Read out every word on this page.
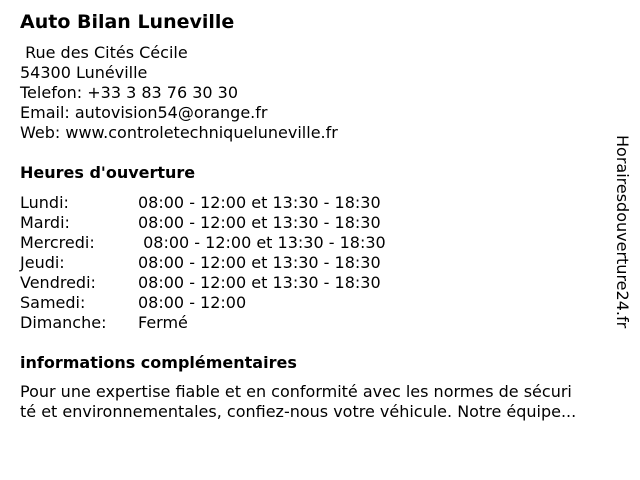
Auto Bilan Luneville
Rue des Cités Cécile
54300 Lunéville
Telefon: +33 3 83 76 30 30
Email: autovision54@orange.fr
Web: www.controletechniqueluneville.fr
Heures d'ouverture
Lundi:	08:00 - 12:00 et 13:30 - 18:30
Mardi:	08:00 - 12:00 et 13:30 - 18:30
Mercredi:	08:00 - 12:00 et 13:30 - 18:30
Jeudi:	08:00 - 12:00 et 13:30 - 18:30
Vendredi:	08:00 - 12:00 et 13:30 - 18:30
Samedi:	08:00 - 12:00
Dimanche: Fermé
informations complémentaires
Pour une expertise fiable et en conformité avec les normes de sécuri
té et environnementales, confiez-nous votre véhicule. Notre équipe...
Horairesdouverture24.fr
